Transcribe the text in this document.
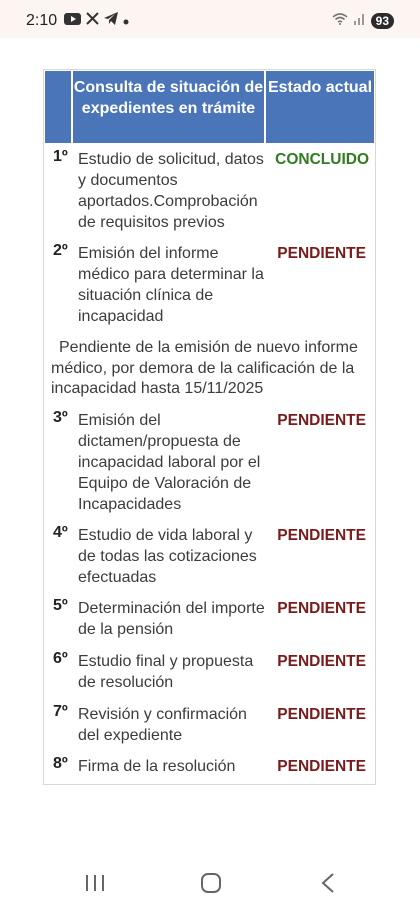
2:10	93
Consulta de situación de expedientes en trámite
Estado actual
1º Estudio de solicitud, datos y documentos aportados.Comprobación de requisitos previos
CONCLUIDO
2º Emisión del informe médico para determinar la situación clínica de incapacidad
PENDIENTE
Pendiente de la emisión de nuevo informe médico, por demora de la calificación de la incapacidad hasta 15/11/2025
3º Emisión del dictamen/propuesta de incapacidad laboral por el Equipo de Valoración de Incapacidades
PENDIENTE
4º Estudio de vida laboral y de todas las cotizaciones efectuadas
PENDIENTE
5º Determinación del importe de la pensión
PENDIENTE
6º Estudio final y propuesta de resolución
PENDIENTE
7º Revisión y confirmación del expediente
PENDIENTE
8º Firma de la resolución	PENDIENTE
